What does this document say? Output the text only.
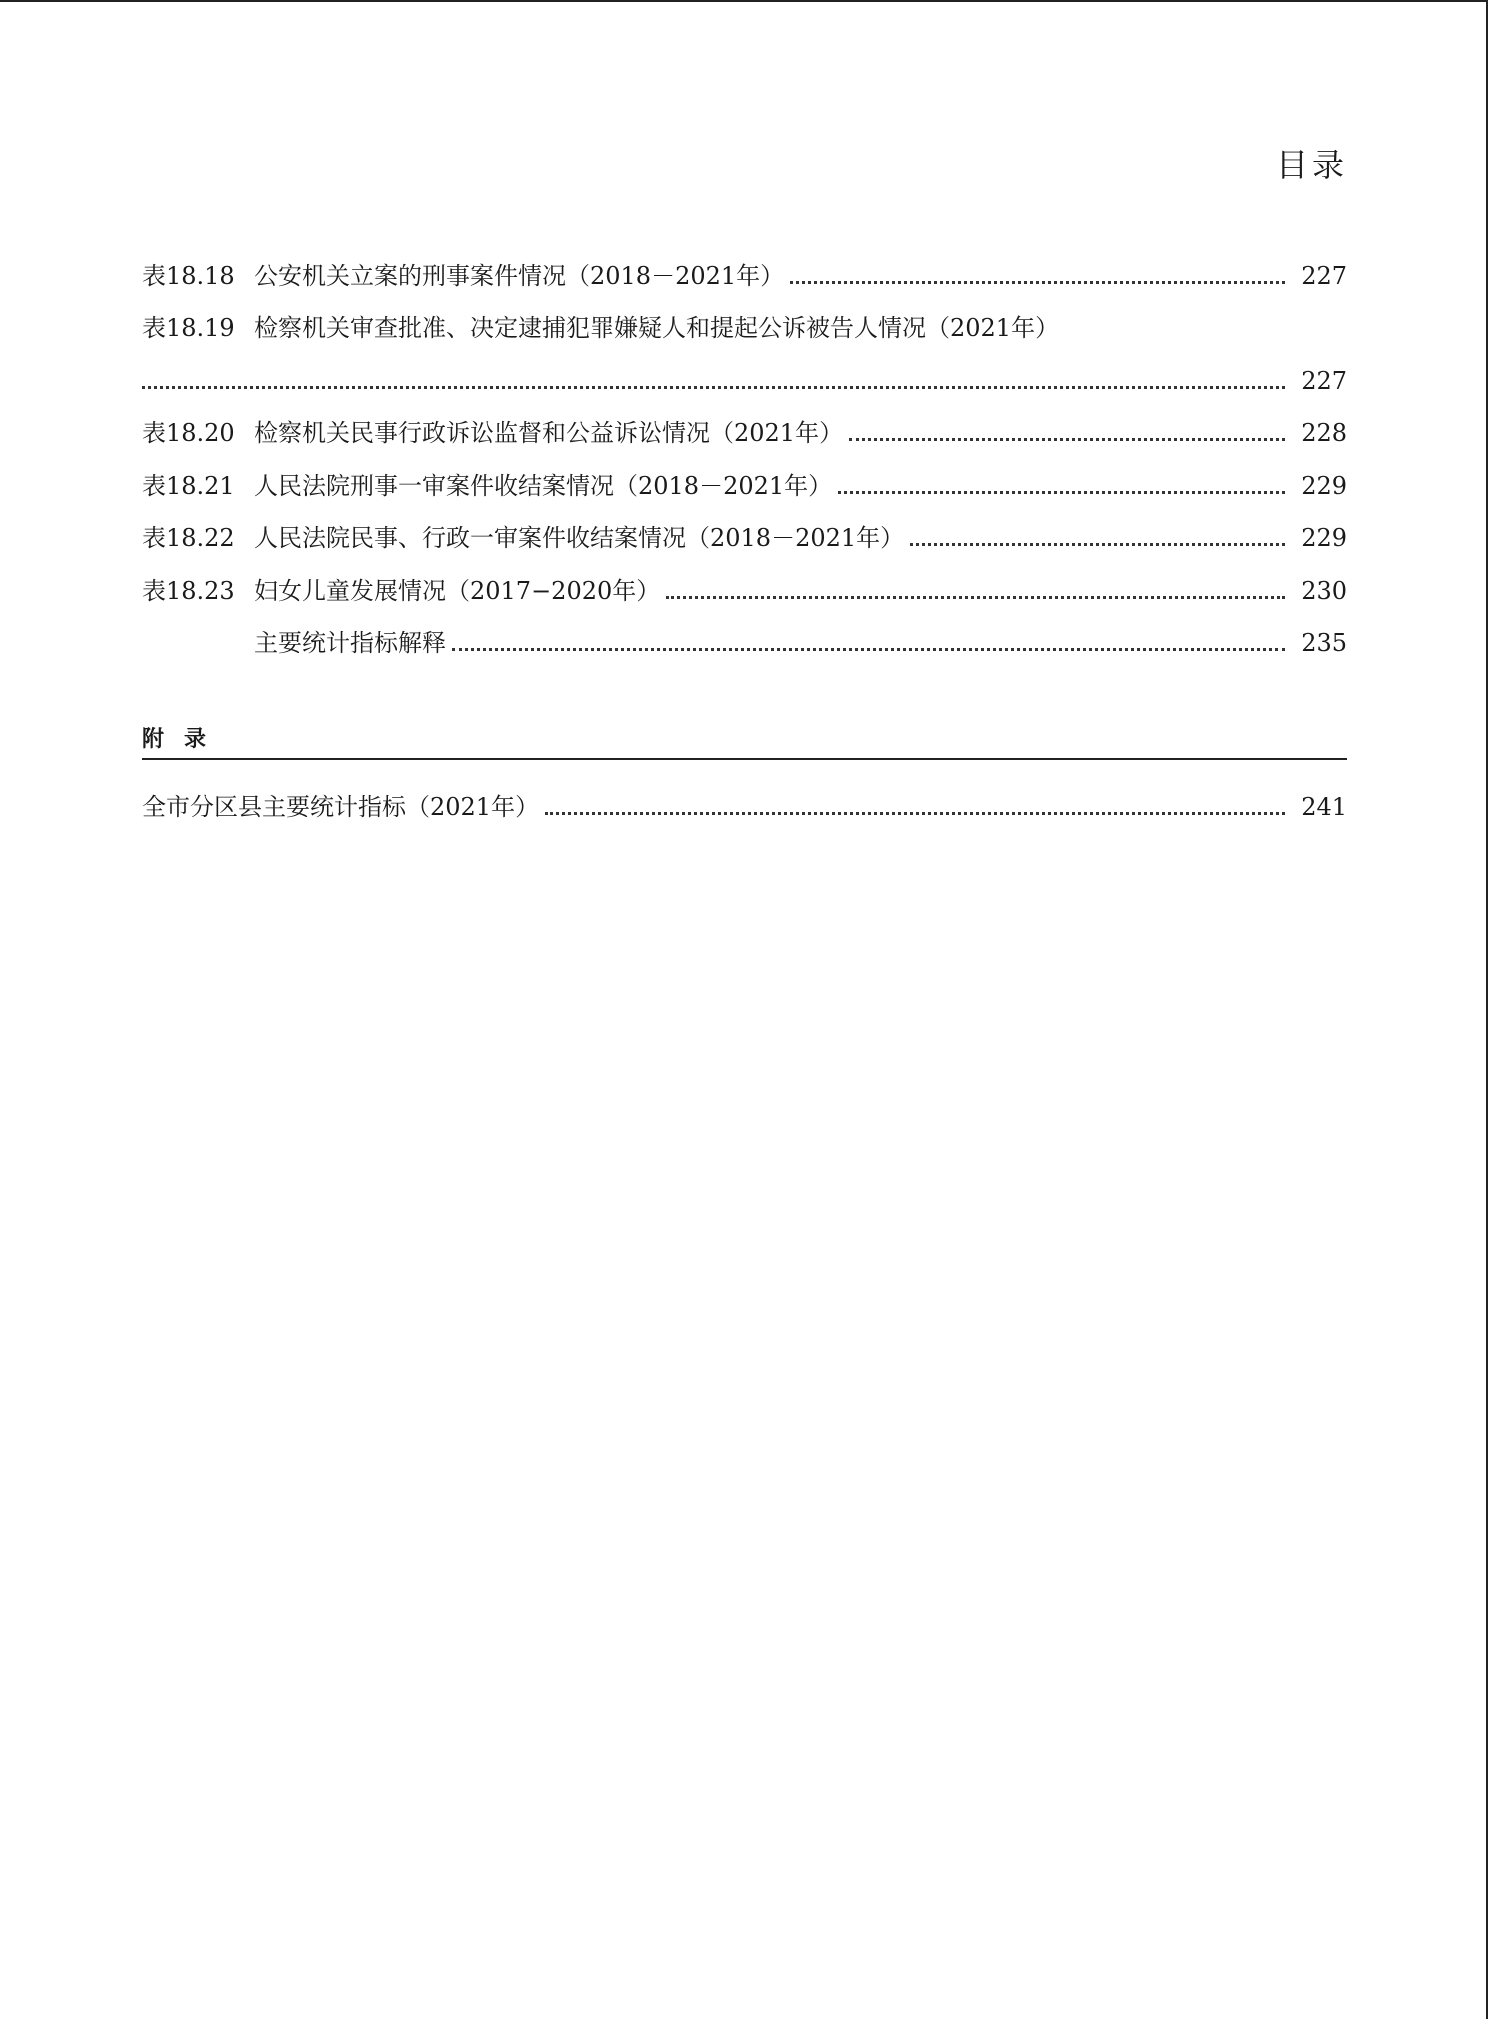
目录
表18.18 公安机关立案的刑事案件情况（2018－2021年）	227
表18.19 检察机关审查批准、决定逮捕犯罪嫌疑人和提起公诉被告人情况（2021年）
227
表18.20 检察机关民事行政诉讼监督和公益诉讼情况（2021年）	228
表18.21 人民法院刑事一审案件收结案情况（2018－2021年）	229
表18.22 人民法院民事、行政一审案件收结案情况（2018－2021年）	229
表18.23 妇女儿童发展情况（2017−2020年）	230
主要统计指标解释	235
附录
全市分区县主要统计指标（2021年）	241
